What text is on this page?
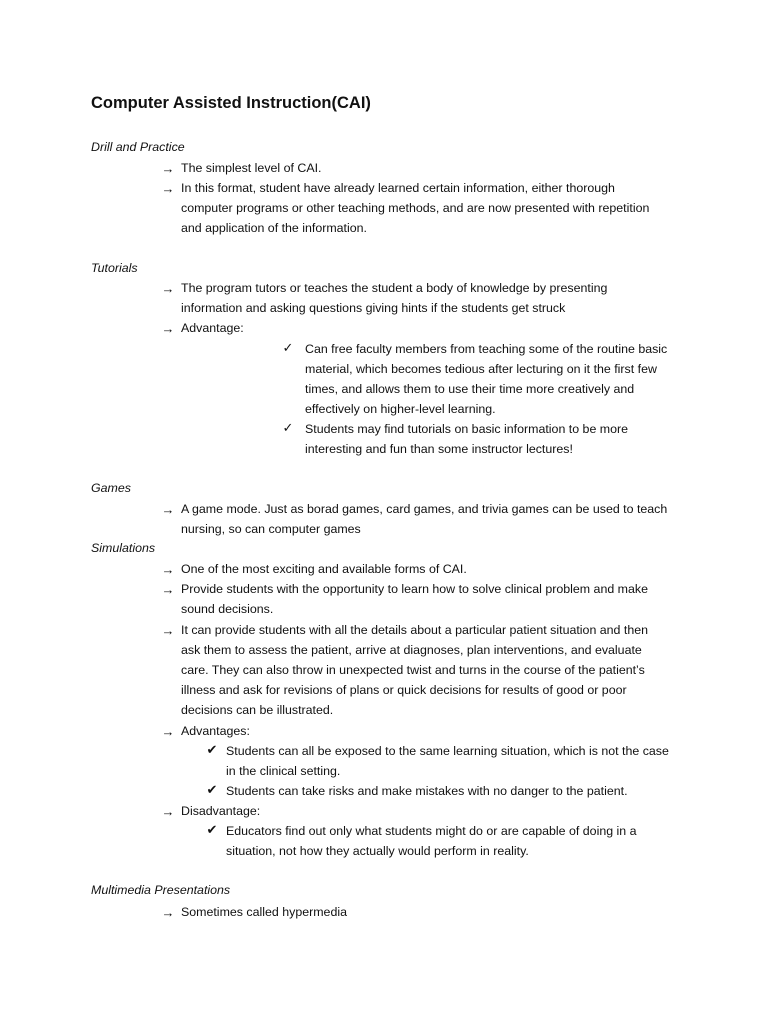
Computer Assisted Instruction(CAI)
Drill and Practice
→ The simplest level of CAI.
→ In this format, student have already learned certain information, either thorough
computer programs or other teaching methods, and are now presented with repetition
and application of the information.
Tutorials
→ The program tutors or teaches the student a body of knowledge by presenting
information and asking questions giving hints if the students get struck
→ Advantage:
✓ Can free faculty members from teaching some of the routine basic
material, which becomes tedious after lecturing on it the first few
times, and allows them to use their time more creatively and
effectively on higher-level learning.
✓ Students may find tutorials on basic information to be more
interesting and fun than some instructor lectures!
Games
→ A game mode. Just as borad games, card games, and trivia games can be used to teach
nursing, so can computer games
Simulations
→ One of the most exciting and available forms of CAI.
→ Provide students with the opportunity to learn how to solve clinical problem and make
sound decisions.
→ It can provide students with all the details about a particular patient situation and then
ask them to assess the patient, arrive at diagnoses, plan interventions, and evaluate
care. They can also throw in unexpected twist and turns in the course of the patient’s
illness and ask for revisions of plans or quick decisions for results of good or poor
decisions can be illustrated.
→ Advantages:
✔ Students can all be exposed to the same learning situation, which is not the case
in the clinical setting.
✔ Students can take risks and make mistakes with no danger to the patient.
→ Disadvantage:
✔ Educators find out only what students might do or are capable of doing in a
situation, not how they actually would perform in reality.
Multimedia Presentations
→ Sometimes called hypermedia
